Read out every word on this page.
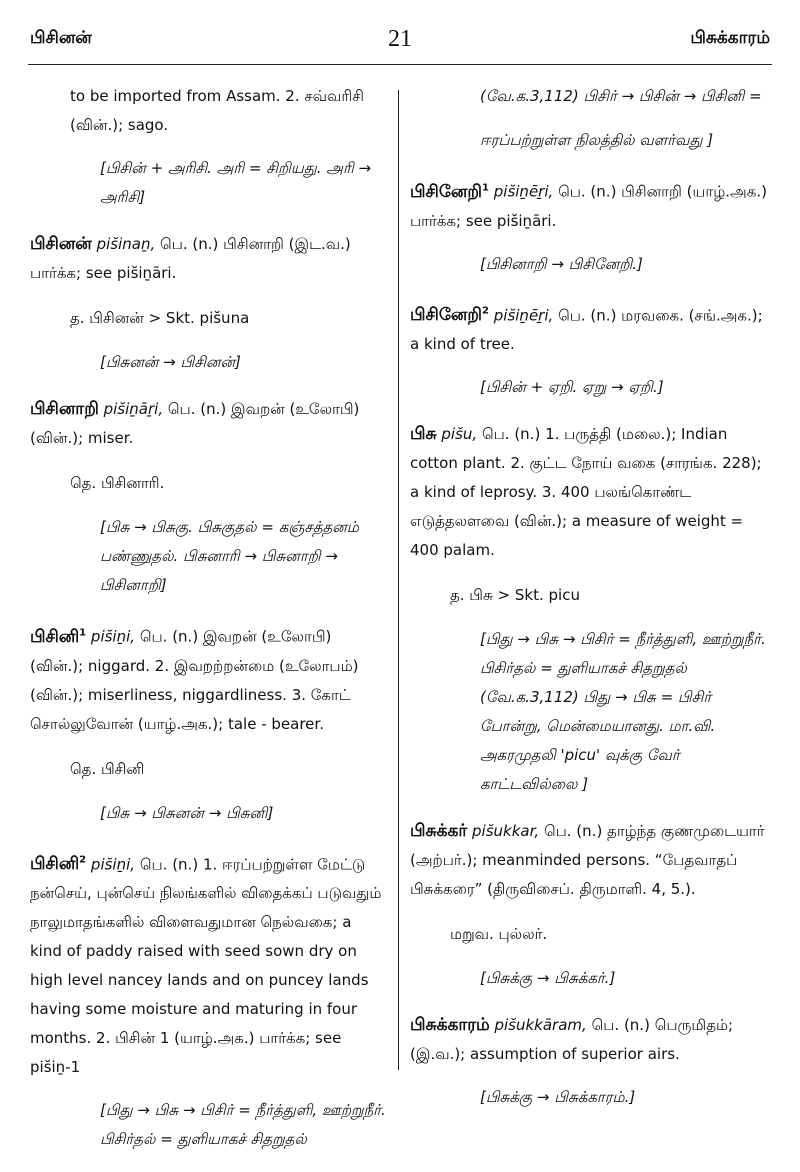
பிசினன்	21	பிசுக்காரம்

to be imported from Assam. 2. சவ்வரிசி

(வின்.); sago.

[பிசின் + அரிசி. அரி = சிறியது. அரி → அரிசி]

பிசினன் pis̆inaṉ, பெ. (n.) பிசினாறி (இட.வ.) பார்க்க; see pis̆iṉāri.

த. பிசினன் > Skt. pis̆una

[பிசுனன் → பிசினன்]

பிசினாறி pis̆iṉāṟi, பெ. (n.) இவறன் (உலோபி) (வின்.); miser.

தெ. பிசினாரி.

[பிசு → பிசுகு. பிசுகுதல் = கஞ்சத்தனம் பண்ணுதல். பிசுனாரி → பிசுனாறி → பிசினாறி]

பிசினி$^1$ pis̆iṉi, பெ. (n.) இவறன் (உலோபி) (வின்.); niggard. 2. இவறற்றன்மை (உலோபம்) (வின்.); miserliness, niggardliness. 3. கோட் சொல்லுவோன் (யாழ்.அக.); tale - bearer.

தெ. பிசினி

[பிசு → பிசுனன் → பிசுனி]

பிசினி$^2$ pis̆iṉi, பெ. (n.) 1. ஈரப்பற்றுள்ள மேட்டு நன்செய், புன்செய் நிலங்களில் விதைக்கப் படுவதும் நாலுமாதங்களில் விளைவதுமான நெல்வகை; a kind of paddy raised with seed sown dry on high level nancey lands and on puncey lands having some moisture and maturing in four months. 2. பிசின் 1 (யாழ்.அக.) பார்க்க; see pis̆iṉ-1

[பிது → பிசு → பிசிர் = நீர்த்துளி, ஊற்றுநீர். பிசிர்தல் = துளியாகச் சிதறுதல்

(வே.க.3,112) பிசிர் → பிசின் → பிசினி =

ஈரப்பற்றுள்ள நிலத்தில் வளர்வது ]

பிசினேறி$^1$ pis̆iṉēṟi, பெ. (n.) பிசினாறி (யாழ்.அக.) பார்க்க; see pis̆iṉāri.

[பிசினாறி → பிசினேறி.]

பிசினேறி$^2$ pis̆iṉēṟi, பெ. (n.) மரவகை. (சங்.அக.); a kind of tree.

[பிசின் + ஏறி. ஏறு → ஏறி.]

பிசு pis̆u, பெ. (n.) 1. பருத்தி (மலை.); Indian cotton plant. 2. குட்ட நோய் வகை (சாரங்க. 228); a kind of leprosy. 3. 400 பலங்கொண்ட எடுத்தலளவை (வின்.); a measure of weight = 400 palam.

த. பிசு > Skt. picu

[பிது → பிசு → பிசிர் = நீர்த்துளி, ஊற்றுநீர். பிசிர்தல் = துளியாகச் சிதறுதல் (வே.க.3,112) பிது → பிசு = பிசிர் போன்று, மென்மையானது. மா.வி. அகரமுதலி 'picu' வுக்கு வேர் காட்டவில்லை ]

பிசுக்கர் pis̆ukkar, பெ. (n.) தாழ்ந்த குணமுடையார் (அற்பர்.); meanminded persons. “பேதவாதப் பிசுக்கரை” (திருவிசைப். திருமாளி. 4, 5.).

மறுவ. புல்லர்.

[பிசுக்கு → பிசுக்கர்.]

பிசுக்காரம் pis̆ukkāram, பெ. (n.) பெருமிதம்; (இ.வ.); assumption of superior airs.

[பிசுக்கு → பிசுக்காரம்.]
